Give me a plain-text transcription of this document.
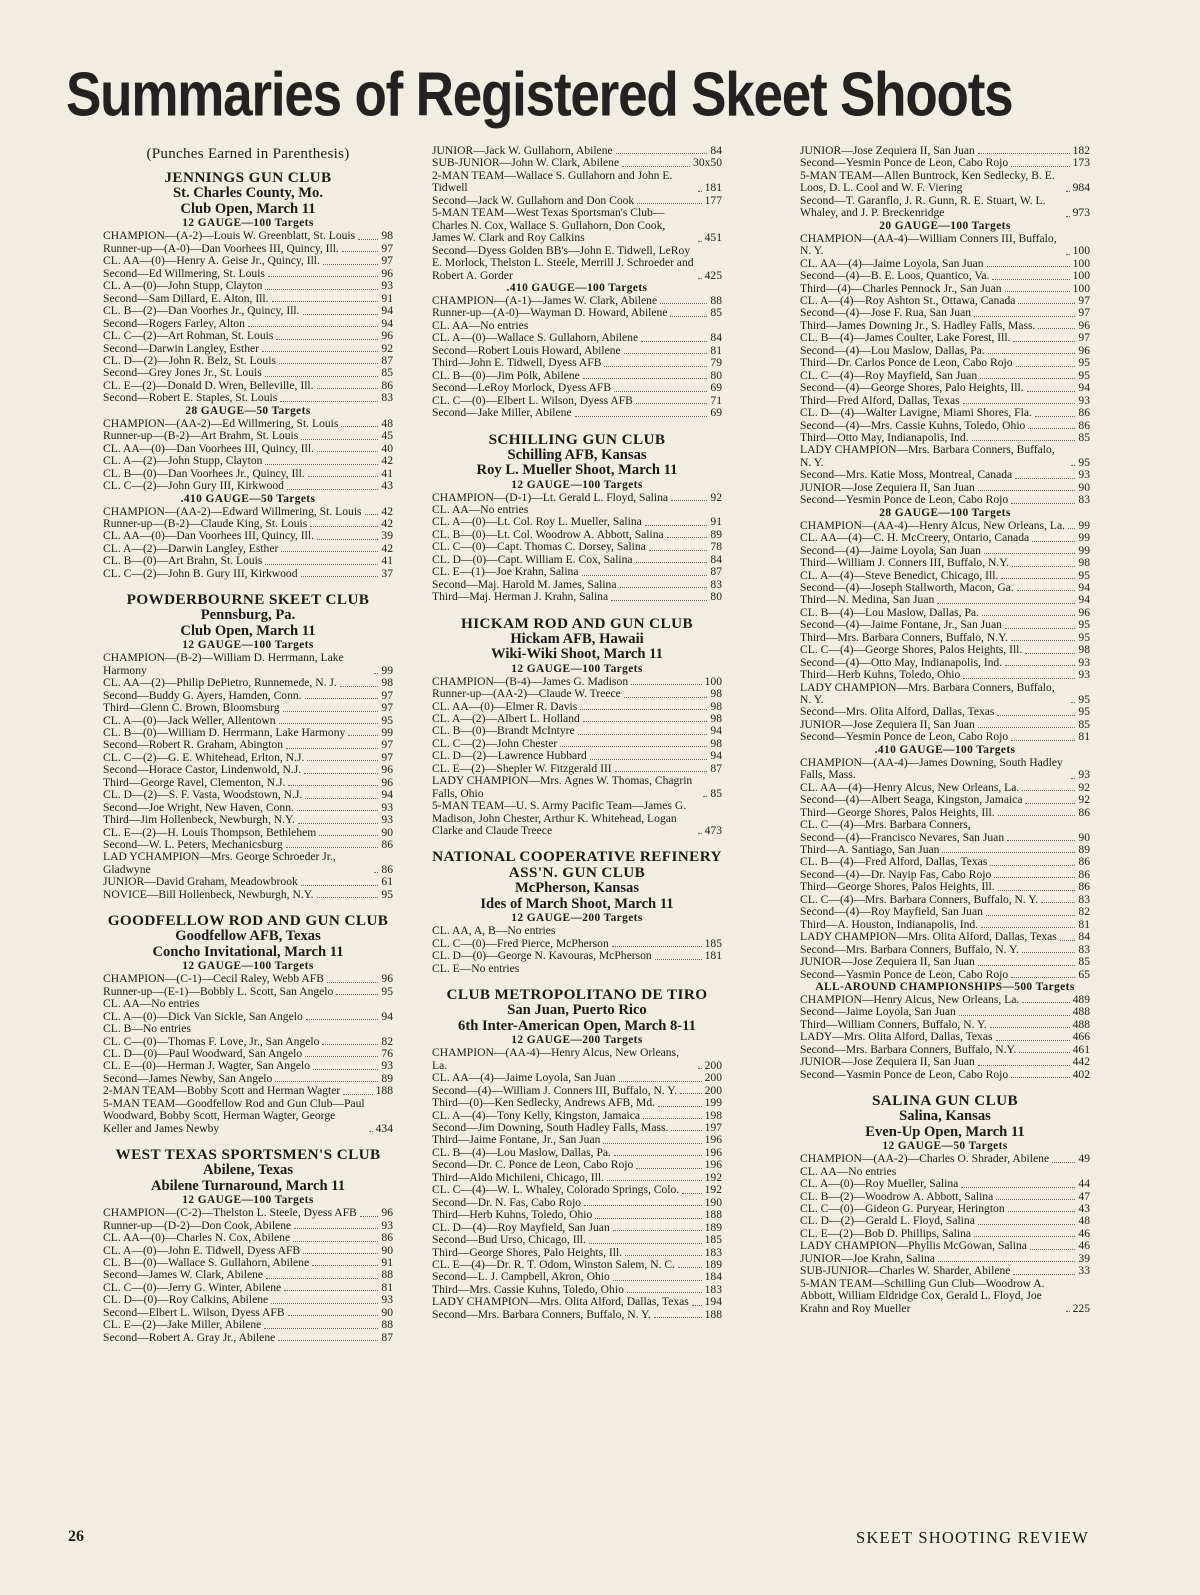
Summaries of Registered Skeet Shoots
(Punches Earned in Parenthesis)
JENNINGS GUN CLUB
St. Charles County, Mo.
Club Open, March 11
12 GAUGE—100 Targets
CHAMPION—(A-2)—Louis W. Greenblatt, St. Louis 98
Runner-up—(A-0)—Dan Voorhees III, Quincy, Ill.	97
CL. AA—(0)—Henry A. Geise Jr., Quincy, Ill.	97
Second—Ed Willmering, St. Louis	96
CL. A—(0)—John Stupp, Clayton	93
Second—Sam Dillard, E. Alton, Ill.	91
CL. B—(2)—Dan Voorhes Jr., Quincy, Ill.	94
Second—Rogers Farley, Alton	94
CL. C—(2)—Art Rohman, St. Louis	96
Second—Darwin Langley, Esther	92
CL. D—(2)—John R. Belz, St. Louis	87
Second—Grey Jones Jr., St. Louis	85
CL. E—(2)—Donald D. Wren, Belleville, Ill.	86
Second—Robert E. Staples, St. Louis	83
28 GAUGE—50 Targets
CHAMPION—(AA-2)—Ed Willmering, St. Louis	48
Runner-up—(B-2)—Art Brahm, St. Louis	45
CL. AA—(0)—Dan Voorhees III, Quincy, Ill.	40
CL. A—(2)—John Stupp, Clayton	42
CL. B—(0)—Dan Voorhees Jr., Quincy, Ill.	41
CL. C—(2)—John Gury III, Kirkwood	43
.410 GAUGE—50 Targets
CHAMPION—(AA-2)—Edward Willmering, St. Louis 42
Runner-up—(B-2)—Claude King, St. Louis	42
CL. AA—(0)—Dan Voorhees III, Quincy, Ill.	39
CL. A—(2)—Darwin Langley, Esther	42
CL. B—(0)—Art Brahn, St. Louis	41
CL. C—(2)—John B. Gury III, Kirkwood	37
POWDERBOURNE SKEET CLUB
Pennsburg, Pa.
Club Open, March 11
12 GAUGE—100 Targets
CHAMPION—(B-2)—William D. Herrmann, Lake Harmony	99
CL. AA—(2)—Philip DePietro, Runnemede, N. J.	98
Second—Buddy G. Ayers, Hamden, Conn.	97
Third—Glenn C. Brown, Bloomsburg	97
CL. A—(0)—Jack Weller, Allentown	95
CL. B—(0)—William D. Herrmann, Lake Harmony	99
Second—Robert R. Graham, Abington	97
CL. C—(2)—G. E. Whitehead, Erlton, N.J.	97
Second—Horace Castor, Lindenwold, N.J.	96
Third—George Ravel, Clementon, N.J.	96
CL. D—(2)—S. F. Vasta, Woodstown, N.J.	94
Second—Joe Wright, New Haven, Conn.	93
Third—Jim Hollenbeck, Newburgh, N.Y.	93
CL. E—(2)—H. Louis Thompson, Bethlehem	90
Second—W. L. Peters, Mechanicsburg	86
LAD YCHAMPION—Mrs. George Schroeder Jr., Gladwyne	86
JUNIOR—David Graham, Meadowbrook	61
NOVICE—Bill Hollenbeck, Newburgh, N.Y.	95
GOODFELLOW ROD AND GUN CLUB
Goodfellow AFB, Texas
Concho Invitational, March 11
12 GAUGE—100 Targets
CHAMPION—(C-1)—Cecil Raley, Webb AFB	96
Runner-up—(E-1)—Bobbly L. Scott, San Angelo	95
CL. AA—No entries
CL. A—(0)—Dick Van Sickle, San Angelo	94
CL. B—No entries
CL. C—(0)—Thomas F. Love, Jr., San Angelo	82
CL. D—(0)—Paul Woodward, San Angelo	76
CL. E—(0)—Herman J. Wagter, San Angelo	93
Second—James Newby, San Angelo	89
2-MAN TEAM—Bobby Scott and Herman Wagter	188
5-MAN TEAM—Goodfellow Rod and Gun Club—Paul Woodward, Bobby Scott, Herman Wagter, George Keller and James Newby	434
WEST TEXAS SPORTSMEN'S CLUB
Abilene, Texas
Abilene Turnaround, March 11
12 GAUGE—100 Targets
CHAMPION—(C-2)—Thelston L. Steele, Dyess AFB 96
Runner-up—(D-2)—Don Cook, Abilene	93
CL. AA—(0)—Charles N. Cox, Abilene	86
CL. A—(0)—John E. Tidwell, Dyess AFB	90
CL. B—(0)—Wallace S. Gullahorn, Abilene	91
Second—James W. Clark, Abilene	88
CL. C—(0)—Jerry G. Winter, Abilene	81
CL. D—(0)—Roy Calkins, Abilene	93
Second—Elbert L. Wilson, Dyess AFB	90
CL. E—(2)—Jake Miller, Abilene	88
Second—Robert A. Gray Jr., Abilene	87
JUNIOR—Jack W. Gullahorn, Abilene	84
SUB-JUNIOR—John W. Clark, Abilene	30x50
2-MAN TEAM—Wallace S. Gullahorn and John E. Tidwell	181
Second—Jack W. Gullahorn and Don Cook	177
5-MAN TEAM—West Texas Sportsman's Club—Charles N. Cox, Wallace S. Gullahorn, Don Cook, James W. Clark and Roy Calkins	451
Second—Dyess Golden BB's—John E. Tidwell, LeRoy E. Morlock, Thelston L. Steele, Merrill J. Schroeder and Robert A. Gorder	425
.410 GAUGE—100 Targets
CHAMPION—(A-1)—James W. Clark, Abilene	88
Runner-up—(A-0)—Wayman D. Howard, Abilene	85
CL. AA—No entries
CL. A—(0)—Wallace S. Gullahorn, Abilene	84
Second—Robert Louis Howard, Abilene	81
Third—John E. Tidwell, Dyess AFB	79
CL. B—(0)—Jim Polk, Abilene	80
Second—LeRoy Morlock, Dyess AFB	69
CL. C—(0)—Elbert L. Wilson, Dyess AFB	71
Second—Jake Miller, Abilene	69
SCHILLING GUN CLUB
Schilling AFB, Kansas
Roy L. Mueller Shoot, March 11
12 GAUGE—100 Targets
CHAMPION—(D-1)—Lt. Gerald L. Floyd, Salina	92
CL. AA—No entries
CL. A—(0)—Lt. Col. Roy L. Mueller, Salina	91
CL. B—(0)—Lt. Col. Woodrow A. Abbott, Salina	89
CL. C—(0)—Capt. Thomas C. Dorsey, Salina	78
CL. D—(0)—Capt. William E. Cox, Salina	84
CL. E—(1)—Joe Krahn, Salina	87
Second—Maj. Harold M. James, Salina	83
Third—Maj. Herman J. Krahn, Salina	80
HICKAM ROD AND GUN CLUB
Hickam AFB, Hawaii
Wiki-Wiki Shoot, March 11
12 GAUGE—100 Targets
CHAMPION—(B-4)—James G. Madison	100
Runner-up—(AA-2)—Claude W. Treece	98
CL. AA—(0)—Elmer R. Davis	98
CL. A—(2)—Albert L. Holland	98
CL. B—(0)—Brandt McIntyre	94
CL. C—(2)—John Chester	98
CL. D—(2)—Lawrence Hubbard	94
CL. E—(2)—Shepler W. Fitzgerald III	87
LADY CHAMPION—Mrs. Agnes W. Thomas, Chagrin Falls, Ohio	85
5-MAN TEAM—U. S. Army Pacific Team—James G. Madison, John Chester, Arthur K. Whitehead, Logan Clarke and Claude Treece	473
NATIONAL COOPERATIVE REFINERY ASS'N. GUN CLUB
McPherson, Kansas
Ides of March Shoot, March 11
12 GAUGE—200 Targets
CL. AA, A, B—No entries
CL. C—(0)—Fred Pierce, McPherson	185
CL. D—(0)—George N. Kavouras, McPherson	181
CL. E—No entries
CLUB METROPOLITANO DE TIRO
San Juan, Puerto Rico
6th Inter-American Open, March 8-11
12 GAUGE—200 Targets
CHAMPION—(AA-4)—Henry Alcus, New Orleans, La.	200
CL. AA—(4)—Jaime Loyola, San Juan	200
Second—(4)—William J. Conners III, Buffalo, N. Y. 200
Third—(0)—Ken Sedlecky, Andrews AFB, Md.	199
CL. A—(4)—Tony Kelly, Kingston, Jamaica	198
Second—Jim Downing, South Hadley Falls, Mass.	197
Third—Jaime Fontane, Jr., San Juan	196
CL. B—(4)—Lou Maslow, Dallas, Pa.	196
Second—Dr. C. Ponce de Leon, Cabo Rojo	196
Third—Aldo Michileni, Chicago, Ill.	192
CL. C—(4)—W. L. Whaley, Colorado Springs, Colo. 192
Second—Dr. N. Fas, Cabo Rojo	190
Third—Herb Kuhns, Toledo, Ohio	188
CL. D—(4)—Roy Mayfield, San Juan	189
Second—Bud Urso, Chicago, Ill.	185
Third—George Shores, Palo Heights, Ill.	183
CL. E—(4)—Dr. R. T. Odom, Winston Salem, N. C.	189
Second—L. J. Campbell, Akron, Ohio	184
Third—Mrs. Cassie Kuhns, Toledo, Ohio	183
LADY CHAMPION—Mrs. Olita Alford, Dallas, Texas 194
Second—Mrs. Barbara Conners, Buffalo, N. Y.	188
JUNIOR—Jose Zequiera II, San Juan	182
Second—Yesmin Ponce de Leon, Cabo Rojo	173
5-MAN TEAM—Allen Buntrock, Ken Sedlecky, B. E. Loos, D. L. Cool and W. F. Viering	984
Second—T. Garanflo, J. R. Gunn, R. E. Stuart, W. L. Whaley, and J. P. Breckenridge	973
20 GAUGE—100 Targets
CHAMPION—(AA-4)—William Conners III, Buffalo, N. Y.	100
CL. AA—(4)—Jaime Loyola, San Juan	100
Second—(4)—B. E. Loos, Quantico, Va.	100
Third—(4)—Charles Pennock Jr., San Juan	100
CL. A—(4)—Roy Ashton St., Ottawa, Canada	97
Second—(4)—Jose F. Rua, San Juan	97
Third—James Downing Jr., S. Hadley Falls, Mass.	96
CL. B—(4)—James Coulter, Lake Forest, Ill.	97
Second—(4)—Lou Maslow, Dallas, Pa.	96
Third—Dr. Carlos Ponce de Leon, Cabo Rojo	95
CL. C—(4)—Roy Mayfield, San Juan	95
Second—(4)—George Shores, Palo Heights, Ill.	94
Third—Fred Alford, Dallas, Texas	93
CL. D—(4)—Walter Lavigne, Miami Shores, Fla.	86
Second—(4)—Mrs. Cassie Kuhns, Toledo, Ohio	86
Third—Otto May, Indianapolis, Ind.	85
LADY CHAMPION—Mrs. Barbara Conners, Buffalo, N. Y.	95
Second—Mrs. Katie Moss, Montreal, Canada	93
JUNIOR—Jose Zequiera II, San Juan	90
Second—Yesmin Ponce de Leon, Cabo Rojo	83
28 GAUGE—100 Targets
CHAMPION—(AA-4)—Henry Alcus, New Orleans, La. 99
CL. AA—(4)—C. H. McCreery, Ontario, Canada	99
Second—(4)—Jaime Loyola, San Juan	99
Third—William J. Conners III, Buffalo, N.Y.	98
CL. A—(4)—Steve Benedict, Chicago, Ill.	95
Second—(4)—Joseph Stallworth, Macon, Ga.	94
Third—N. Medina, San Juan	94
CL. B—(4)—Lou Maslow, Dallas, Pa.	96
Second—(4)—Jaime Fontane, Jr., San Juan	95
Third—Mrs. Barbara Conners, Buffalo, N.Y.	95
CL. C—(4)—George Shores, Palos Heights, Ill.	98
Second—(4)—Otto May, Indianapolis, Ind.	93
Third—Herb Kuhns, Toledo, Ohio	93
LADY CHAMPION—Mrs. Barbara Conners, Buffalo, N. Y.	95
Second—Mrs. Olita Alford, Dallas, Texas	95
JUNIOR—Jose Zequiera II, San Juan	85
Second—Yesmin Ponce de Leon, Cabo Rojo	81
.410 GAUGE—100 Targets
CHAMPION—(AA-4)—James Downing, South Hadley Falls, Mass.	93
CL. AA—(4)—Henry Alcus, New Orleans, La.	92
Second—(4)—Albert Seaga, Kingston, Jamaica	92
Third—George Shores, Palos Heights, Ill.	86
CL. C—(4)—Mrs. Barbara Conners,
Second—(4)—Francisco Nevares, San Juan	90
Third—A. Santiago, San Juan	89
CL. B—(4)—Fred Alford, Dallas, Texas	86
Second—(4)—Dr. Nayip Fas, Cabo Rojo	86
Third—George Shores, Palos Heights, Ill.	86
CL. C—(4)—Mrs. Barbara Conners, Buffalo, N. Y.	83
Second—(4)—Roy Mayfield, San Juan	82
Third—A. Houston, Indianapolis, Ind.	81
LADY CHAMPION—Mrs. Olita Alford, Dallas, Texas 84
Second—Mrs. Barbara Conners, Buffalo, N. Y.	83
JUNIOR—Jose Zequiera II, San Juan	85
Second—Yasmin Ponce de Leon, Cabo Rojo	65
ALL-AROUND CHAMPIONSHIPS—500 Targets
CHAMPION—Henry Alcus, New Orleans, La.	489
Second—Jaime Loyola, San Juan	488
Third—William Conners, Buffalo, N. Y.	488
LADY—Mrs. Olita Alford, Dallas, Texas	466
Second—Mrs. Barbara Conners, Buffalo, N.Y.	461
JUNIOR—Jose Zequiera II, San Juan	442
Second—Yasmin Ponce de Leon, Cabo Rojo	402
SALINA GUN CLUB
Salina, Kansas
Even-Up Open, March 11
12 GAUGE—50 Targets
CHAMPION—(AA-2)—Charles O. Shrader, Abilene	49
CL. AA—No entries
CL. A—(0)—Roy Mueller, Salina	44
CL. B—(2)—Woodrow A. Abbott, Salina	47
CL. C—(0)—Gideon G. Puryear, Herington	43
CL. D—(2)—Gerald L. Floyd, Salina	48
CL. E—(2)—Bob D. Phillips, Salina	46
LADY CHAMPION—Phyllis McGowan, Salina	46
JUNIOR—Joe Krahn, Salina	39
SUB-JUNIOR—Charles W. Sharder, Abilene	33
5-MAN TEAM—Schilling Gun Club—Woodrow A. Abbott, William Eldridge Cox, Gerald L. Floyd, Joe Krahn and Roy Mueller	225
26	SKEET SHOOTING REVIEW
